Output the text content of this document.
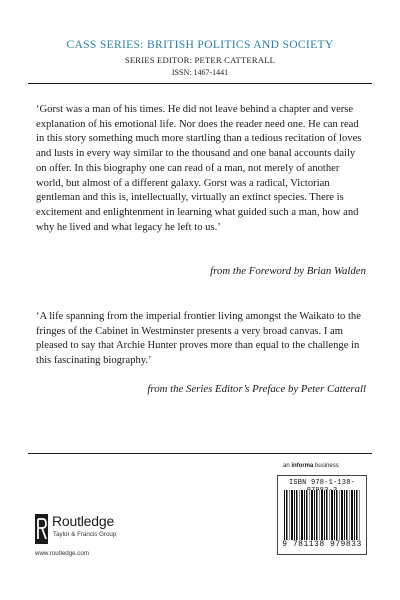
CASS SERIES: BRITISH POLITICS AND SOCIETY
SERIES EDITOR: PETER CATTERALL
ISSN: 1467-1441

‘Gorst was a man of his times. He did not leave behind a chapter and verse explanation of his emotional life. Nor does the reader need one. He can read in this story something much more startling than a tedious recitation of loves and lusts in every way similar to the thousand and one banal accounts daily on offer. In this biography one can read of a man, not merely of another world, but almost of a different galaxy. Gorst was a radical, Victorian gentleman and this is, intellectually, virtually an extinct species. There is excitement and enlightenment in learning what guided such a man, how and why he lived and what legacy he left to us.’

from the Foreword by Brian Walden

‘A life spanning from the imperial frontier living amongst the Waikato to the fringes of the Cabinet in Westminster presents a very broad canvas. I am pleased to say that Archie Hunter proves more than equal to the challenge in this fascinating biography.’

from the Series Editor’s Preface by Peter Catterall
an informa business
ISBN 978-1-138-
9 781138 979833
Routledge
Taylor & Francis Group
www.routledge.com
